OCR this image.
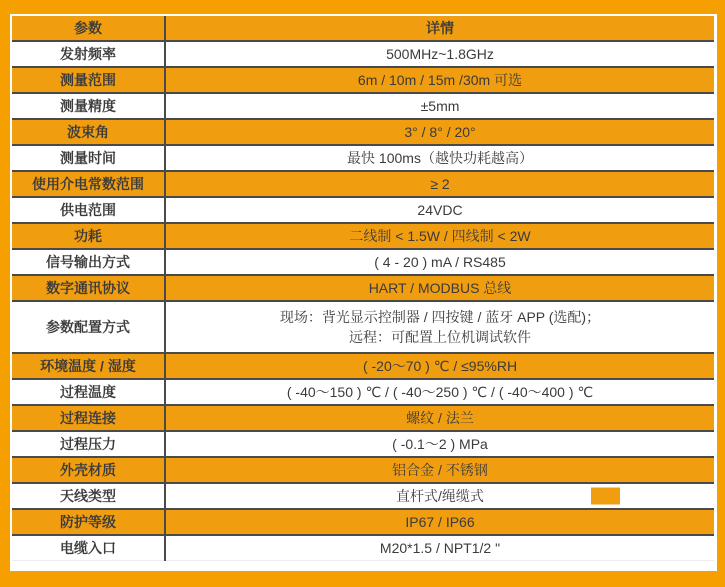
参数	详情
发射频率	500MHz~1.8GHz
测量范围	6m / 10m / 15m /30m 可选
测量精度	±5mm
波束角	3° / 8° / 20°
测量时间	最快 100ms（越快功耗越高）
使用介电常数范围	≥ 2
供电范围	24VDC
功耗	二线制 < 1.5W / 四线制 < 2W
信号输出方式	( 4 - 20 ) mA / RS485
数字通讯协议	HART / MODBUS 总线
参数配置方式	现场：背光显示控制器 / 四按键 / 蓝牙 APP (选配)；
远程：可配置上位机调试软件

环境温度 / 湿度	( -20～70 ) ℃ / ≤95%RH
过程温度	( -40～150 ) ℃ / ( -40～250 ) ℃ / ( -40～400 ) ℃
过程连接	螺纹 / 法兰
过程压力	( -0.1～2 ) MPa
外壳材质	铝合金 / 不锈钢
天线类型	直杆式/绳缆式

防护等级	IP67 / IP66
电缆入口	M20*1.5 / NPT1/2 "
